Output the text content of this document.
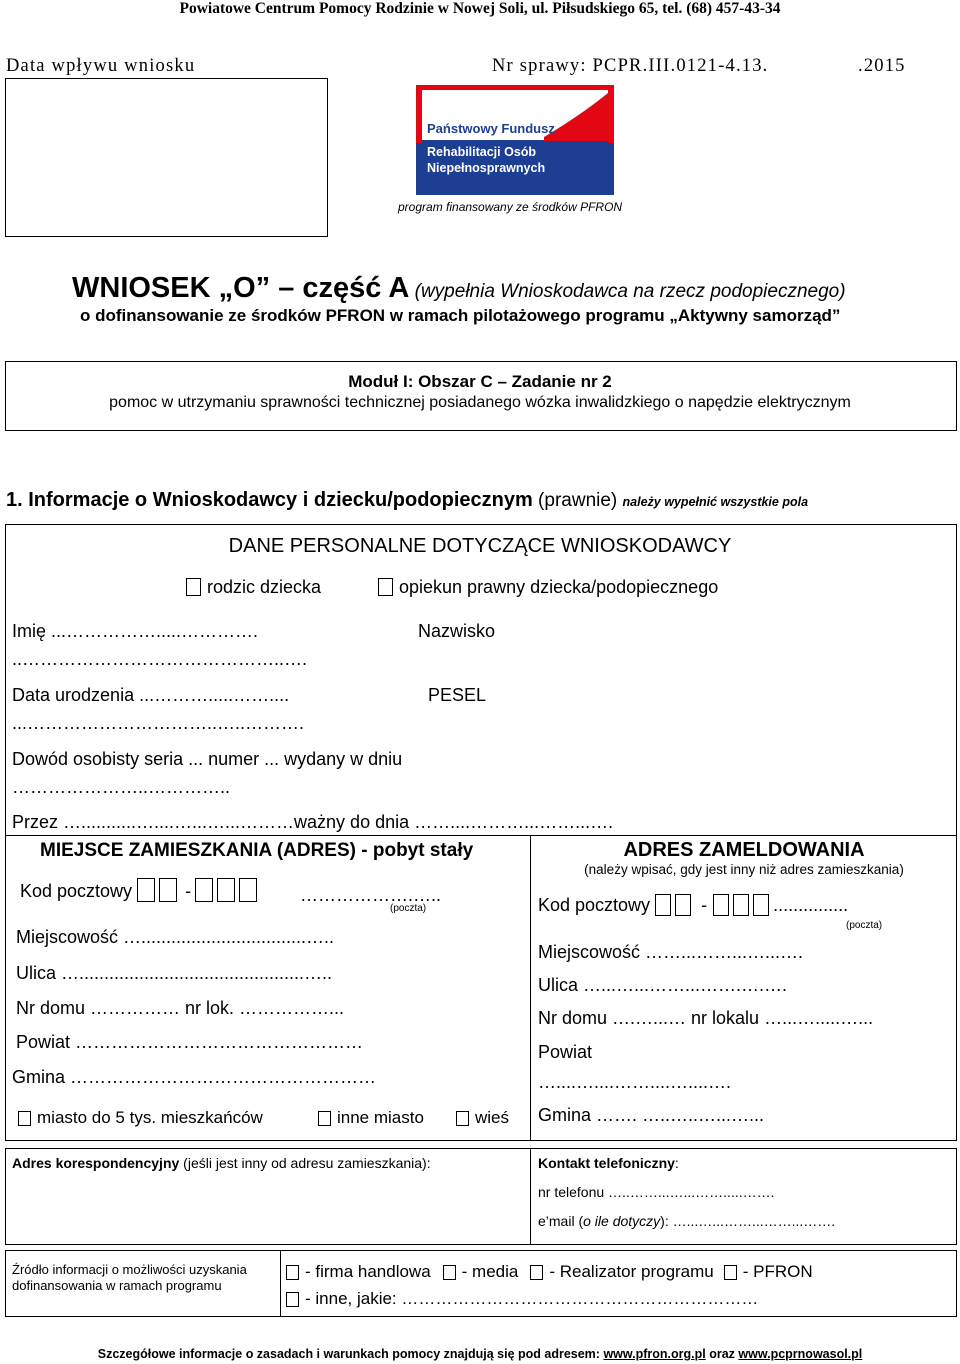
Powiatowe Centrum Pomocy Rodzinie w Nowej Soli, ul. Piłsudskiego 65, tel. (68) 457-43-34
Data wpływu wniosku	Nr sprawy: PCPR.III.0121-4.13.	.2015
Państwowy Fundusz
Rehabilitacji Osób
Niepełnosprawnych
program finansowany ze środków PFRON
WNIOSEK „O” – część A (wypełnia Wnioskodawca na rzecz podopiecznego)
o dofinansowanie ze środków PFRON w ramach pilotażowego programu „Aktywny samorząd”
Moduł I: Obszar C – Zadanie nr 2
pomoc w utrzymaniu sprawności technicznej posiadanego wózka inwalidzkiego o napędzie elektrycznym
1. Informacje o Wnioskodawcy i dziecku/podopiecznym (prawnie) należy wypełnić wszystkie pola
DANE PERSONALNE DOTYCZĄCE WNIOSKODAWCY
rodzic dziecka	opiekun prawny dziecka/podopiecznego
Imię ...…………….....………….	Nazwisko
..……………………………………..….
Data urodzenia ...……….....……....	PESEL
...…………………………..…..……….
Dowód osobisty seria ... numer ... wydany w dniu
…………………..…………..
Przez …...........…....…...…...………ważny do dnia ……....………...……...….
MIEJSCE ZAMIESZKANIA (ADRES) - pobyt stały
Kod pocztowy	-	……………….…..
(poczta)
Miejscowość ….................................…..
Ulica ….............................................…..
Nr domu …………… nr lok. ……………...
Powiat …………………………………………
Gmina ……………………………………………
miasto do 5 tys. mieszkańców	inne miasto	wieś
ADRES ZAMELDOWANIA
(należy wpisać, gdy jest inny niż adres zamieszkania)
Kod pocztowy	-	...............
(poczta)
Miejscowość ……...……...…...….
Ulica …...…...……...…….….….
Nr domu ….…...… nr lokalu …...….....…...
Powiat
…....…....……....…....….
Gmina ……. …..…..…...…...
Adres korespondencyjny (jeśli jest inny od adresu zamieszkania):	Kontakt telefoniczny:
nr telefonu …..……...…...…….....…….
e’mail (o ile dotyczy): …...…...……...……...…….
Źródło informacji o możliwości uzyskania dofinansowania w ramach programu
- firma handlowa - media - Realizator programu - PFRON
- inne, jakie: ………………………………………………………
Szczegółowe informacje o zasadach i warunkach pomocy znajdują się pod adresem: www.pfron.org.pl oraz www.pcprnowasol.pl
